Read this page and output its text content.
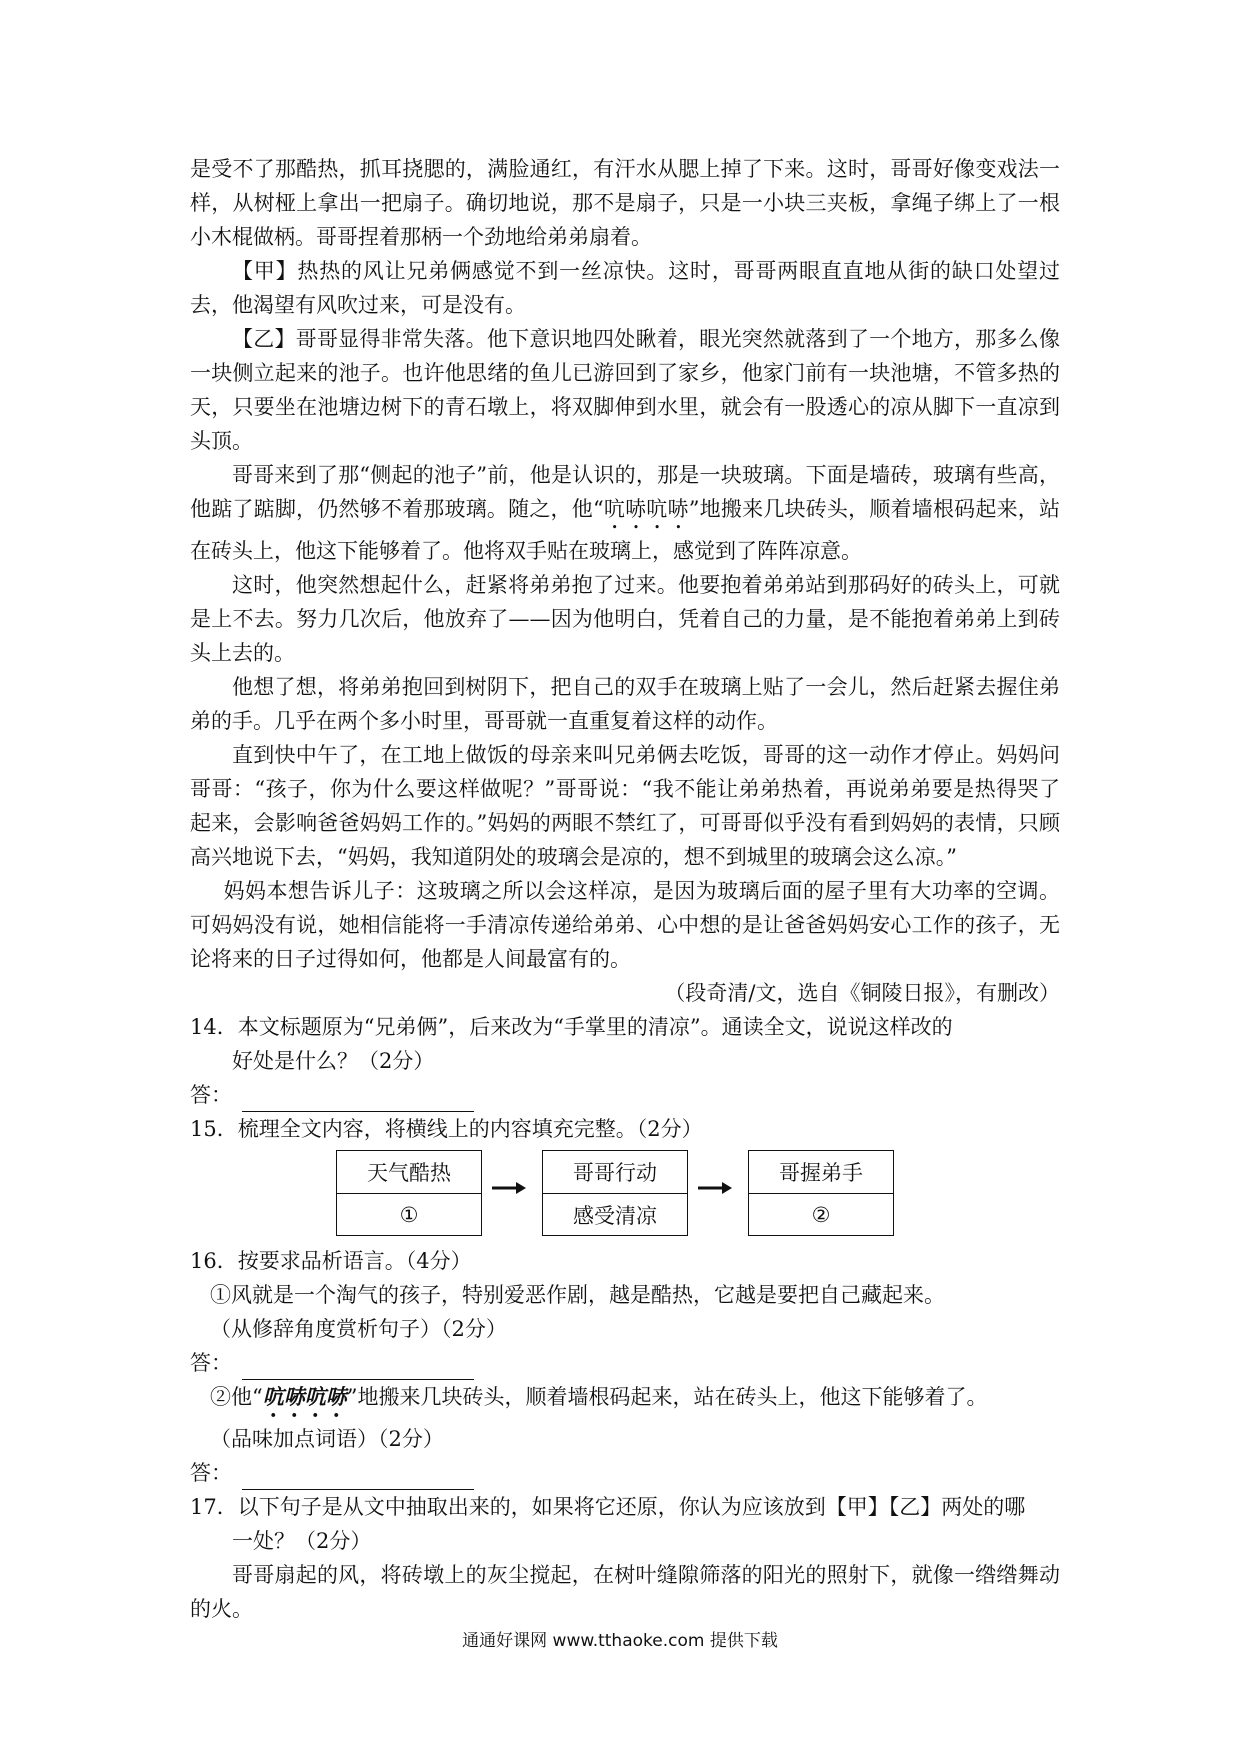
是受不了那酷热，抓耳挠腮的，满脸通红，有汗水从腮上掉了下来。这时，哥哥好像变戏法一样，从树桠上拿出一把扇子。确切地说，那不是扇子，只是一小块三夹板，拿绳子绑上了一根小木棍做柄。哥哥捏着那柄一个劲地给弟弟扇着。

【甲】热热的风让兄弟俩感觉不到一丝凉快。这时，哥哥两眼直直地从街的缺口处望过去，他渴望有风吹过来，可是没有。

【乙】哥哥显得非常失落。他下意识地四处瞅着，眼光突然就落到了一个地方，那多么像一块侧立起来的池子。也许他思绪的鱼儿已游回到了家乡，他家门前有一块池塘，不管多热的天，只要坐在池塘边树下的青石墩上，将双脚伸到水里，就会有一股透心的凉从脚下一直凉到头顶。

哥哥来到了那“侧起的池子”前，他是认识的，那是一块玻璃。下面是墙砖，玻璃有些高，他踮了踮脚，仍然够不着那玻璃。随之，他“吭哧吭哧”地搬来几块砖头，顺着墙根码起来，站在砖头上，他这下能够着了。他将双手贴在玻璃上，感觉到了阵阵凉意。

这时，他突然想起什么，赶紧将弟弟抱了过来。他要抱着弟弟站到那码好的砖头上，可就是上不去。努力几次后，他放弃了——因为他明白，凭着自己的力量，是不能抱着弟弟上到砖头上去的。

他想了想，将弟弟抱回到树阴下，把自己的双手在玻璃上贴了一会儿，然后赶紧去握住弟弟的手。几乎在两个多小时里，哥哥就一直重复着这样的动作。

直到快中午了，在工地上做饭的母亲来叫兄弟俩去吃饭，哥哥的这一动作才停止。妈妈问哥哥：“孩子，你为什么要这样做呢？”哥哥说：“我不能让弟弟热着，再说弟弟要是热得哭了起来，会影响爸爸妈妈工作的。”妈妈的两眼不禁红了，可哥哥似乎没有看到妈妈的表情，只顾高兴地说下去，“妈妈，我知道阴处的玻璃会是凉的，想不到城里的玻璃会这么凉。”

妈妈本想告诉儿子：这玻璃之所以会这样凉，是因为玻璃后面的屋子里有大功率的空调。可妈妈没有说，她相信能将一手清凉传递给弟弟、心中想的是让爸爸妈妈安心工作的孩子，无论将来的日子过得如何，他都是人间最富有的。

（段奇清/文，选自《铜陵日报》，有删改）

14．本文标题原为“兄弟俩”，后来改为“手掌里的清凉”。通读全文，说说这样改的

好处是什么？（2分）

答：

15．梳理全文内容，将横线上的内容填充完整。（2分）

天气酷热
①
哥哥行动
感受清凉
哥握弟手
②

16．按要求品析语言。（4分）

①风就是一个淘气的孩子，特别爱恶作剧，越是酷热，它越是要把自己藏起来。

（从修辞角度赏析句子）（2分）

答：

②他“吭哧吭哧”地搬来几块砖头，顺着墙根码起来，站在砖头上，他这下能够着了。

（品味加点词语）（2分）

答：

17．以下句子是从文中抽取出来的，如果将它还原，你认为应该放到【甲】【乙】两处的哪

一处？（2分）

哥哥扇起的风，将砖墩上的灰尘搅起，在树叶缝隙筛落的阳光的照射下，就像一绺绺舞动的火。

通通好课网 www.tthaoke.com 提供下载
